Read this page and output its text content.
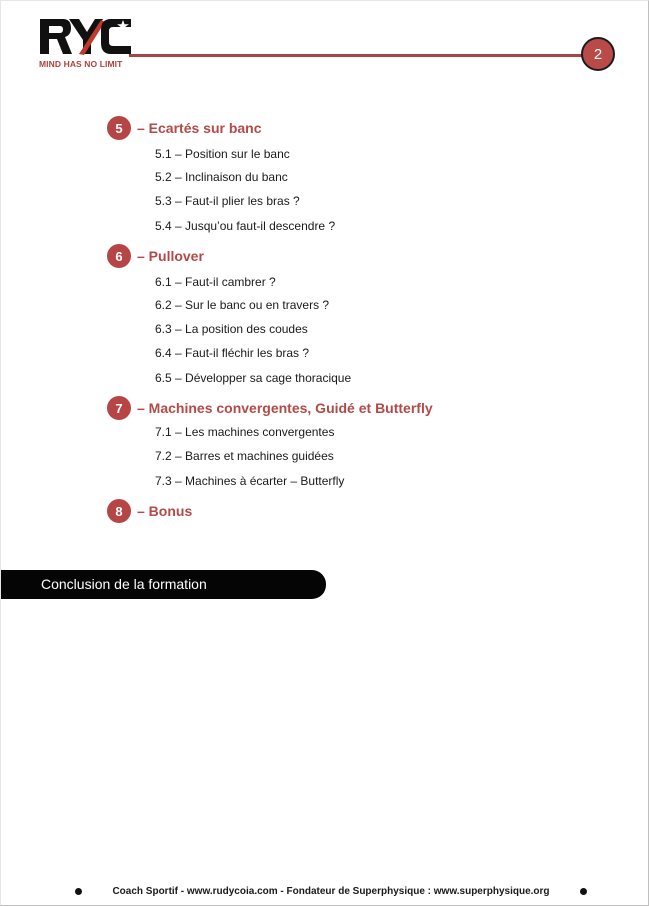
MIND HAS NO LIMIT
2
5	– Ecartés sur banc
5.1 – Position sur le banc
5.2 – Inclinaison du banc
5.3 – Faut-il plier les bras ?
5.4 – Jusqu’ou faut-il descendre ?
6	– Pullover
6.1 – Faut-il cambrer ?
6.2 – Sur le banc ou en travers ?
6.3 – La position des coudes
6.4 – Faut-il fléchir les bras ?
6.5 – Développer sa cage thoracique
7	– Machines convergentes, Guidé et Butterfly
7.1 – Les machines convergentes
7.2 – Barres et machines guidées
7.3 – Machines à écarter – Butterfly
8	– Bonus
Conclusion de la formation
Coach Sportif - www.rudycoia.com - Fondateur de Superphysique : www.superphysique.org
